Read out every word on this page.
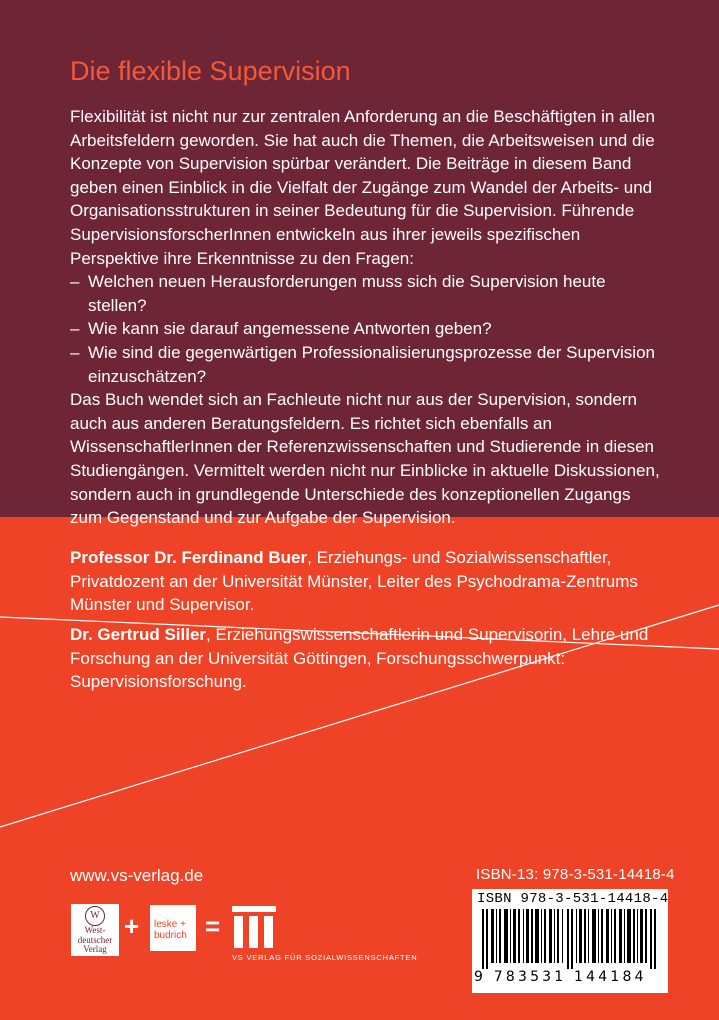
Die flexible Supervision

Flexibilität ist nicht nur zur zentralen Anforderung an die Beschäftigten in allen Arbeitsfeldern geworden. Sie hat auch die Themen, die Arbeitsweisen und die Konzepte von Supervision spürbar verändert. Die Beiträge in diesem Band geben einen Einblick in die Vielfalt der Zugänge zum Wandel der Arbeits- und Organisationsstrukturen in seiner Bedeutung für die Supervision. Führende SupervisionsforscherInnen entwickeln aus ihrer jeweils spezifischen Perspektive ihre Erkenntnisse zu den Fragen:

– Welchen neuen Herausforderungen muss sich die Supervision heute stellen?
– Wie kann sie darauf angemessene Antworten geben?
– Wie sind die gegenwärtigen Professionalisierungsprozesse der Supervision einzuschätzen?

Das Buch wendet sich an Fachleute nicht nur aus der Supervision, sondern auch aus anderen Beratungsfeldern. Es richtet sich ebenfalls an WissenschaftlerInnen der Referenzwissenschaften und Studierende in diesen Studiengängen. Vermittelt werden nicht nur Einblicke in aktuelle Diskussionen, sondern auch in grundlegende Unterschiede des konzeptionellen Zugangs zum Gegenstand und zur Aufgabe der Supervision.

Professor Dr. Ferdinand Buer, Erziehungs- und Sozialwissenschaftler, Privatdozent an der Universität Münster, Leiter des Psychodrama-Zentrums Münster und Supervisor.
Dr. Gertrud Siller, Erziehungswissenschaftlerin und Supervisorin, Lehre und Forschung an der Universität Göttingen, Forschungsschwerpunkt: Supervisionsforschung.
www.vs-verlag.de	ISBN-13: 978-3-531-14418-4
ISBN 978-3-531-14418-4
9 783531 144184
W
West-deutscher Verlag
+ leske +
budrich =
VS VERLAG FÜR SOZIALWISSENSCHAFTEN
